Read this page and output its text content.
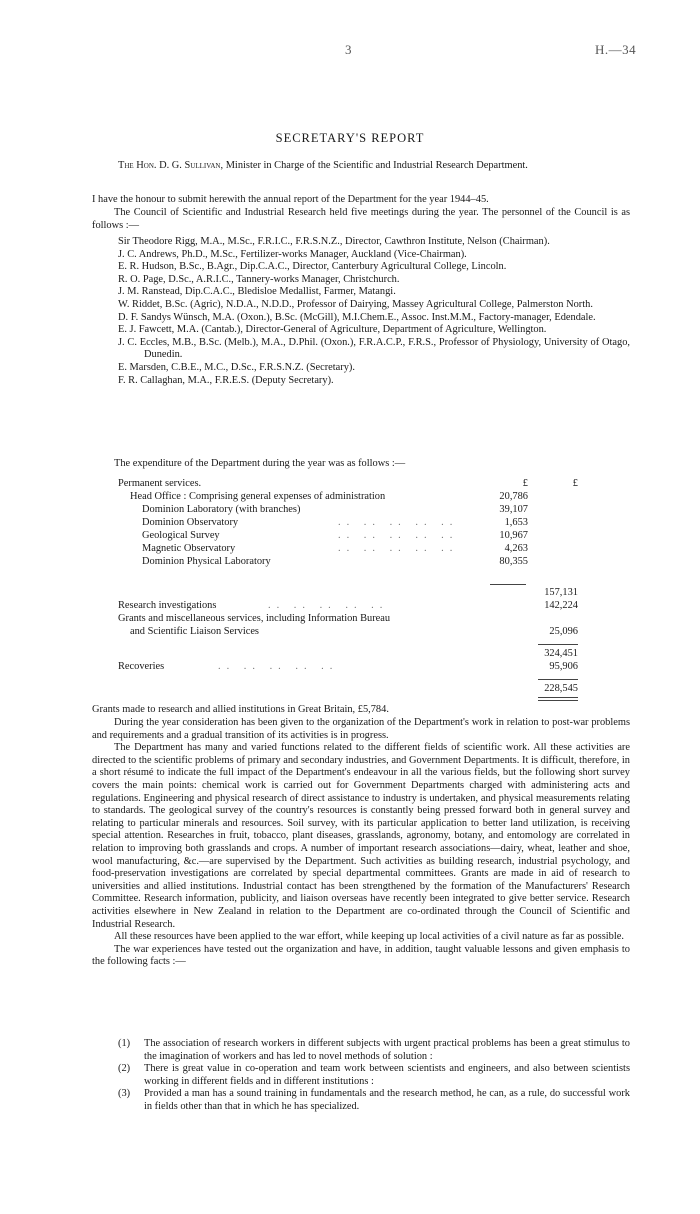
3	H.—34
SECRETARY'S REPORT
The Hon. D. G. Sullivan, Minister in Charge of the Scientific and Industrial Research Department.
I have the honour to submit herewith the annual report of the Department for the year 1944–45.
The Council of Scientific and Industrial Research held five meetings during the year. The personnel of the Council is as follows :—
Sir Theodore Rigg, M.A., M.Sc., F.R.I.C., F.R.S.N.Z., Director, Cawthron Institute, Nelson (Chairman).
J. C. Andrews, Ph.D., M.Sc., Fertilizer-works Manager, Auckland (Vice-Chairman).
E. R. Hudson, B.Sc., B.Agr., Dip.C.A.C., Director, Canterbury Agricultural College, Lincoln.
R. O. Page, D.Sc., A.R.I.C., Tannery-works Manager, Christchurch.
J. M. Ranstead, Dip.C.A.C., Bledisloe Medallist, Farmer, Matangi.
W. Riddet, B.Sc. (Agric), N.D.A., N.D.D., Professor of Dairying, Massey Agricultural College, Palmerston North.
D. F. Sandys Wünsch, M.A. (Oxon.), B.Sc. (McGill), M.I.Chem.E., Assoc. Inst.M.M., Factory-manager, Edendale.
E. J. Fawcett, M.A. (Cantab.), Director-General of Agriculture, Department of Agriculture, Wellington.
J. C. Eccles, M.B., B.Sc. (Melb.), M.A., D.Phil. (Oxon.), F.R.A.C.P., F.R.S., Professor of Physiology, University of Otago, Dunedin.
E. Marsden, C.B.E., M.C., D.Sc., F.R.S.N.Z. (Secretary).
F. R. Callaghan, M.A., F.R.E.S. (Deputy Secretary).
The expenditure of the Department during the year was as follows :—
Permanent services.	£	£
Head Office : Comprising general expenses of administration	20,786
Dominion Laboratory (with branches)	39,107
Dominion Observatory	.. .. .. .. ..	1,653
Geological Survey	.. .. .. .. ..	10,967
Magnetic Observatory	.. .. .. .. ..	4,263
Dominion Physical Laboratory	80,355
157,131
Research investigations	.. .. .. .. ..	142,224
Grants and miscellaneous services, including Information Bureau
and Scientific Liaison Services	25,096
324,451
Recoveries	.. .. .. .. ..	95,906
228,545
Grants made to research and allied institutions in Great Britain, £5,784.

During the year consideration has been given to the organization of the Department's work in relation to post-war problems and requirements and a gradual transition of its activities is in progress.

The Department has many and varied functions related to the different fields of scientific work. All these activities are directed to the scientific problems of primary and secondary industries, and Government Departments. It is difficult, therefore, in a short résumé to indicate the full impact of the Department's endeavour in all the various fields, but the following short survey covers the main points: chemical work is carried out for Government Departments charged with administering acts and regulations. Engineering and physical research of direct assistance to industry is undertaken, and physical measurements relating to standards. The geological survey of the country's resources is constantly being pressed forward both in general survey and relating to particular minerals and resources. Soil survey, with its particular application to better land utilization, is receiving special attention. Researches in fruit, tobacco, plant diseases, grasslands, agronomy, botany, and entomology are correlated in relation to improving both grasslands and crops. A number of important research associations—dairy, wheat, leather and shoe, wool manufacturing, &c.—are supervised by the Department. Such activities as building research, industrial psychology, and food-preservation investigations are correlated by special departmental committees. Grants are made in aid of research to universities and allied institutions. Industrial contact has been strengthened by the formation of the Manufacturers' Research Committee. Research information, publicity, and liaison overseas have recently been integrated to give better service. Research activities elsewhere in New Zealand in relation to the Department are co-ordinated through the Council of Scientific and Industrial Research.

All these resources have been applied to the war effort, while keeping up local activities of a civil nature as far as possible.

The war experiences have tested out the organization and have, in addition, taught valuable lessons and given emphasis to the following facts :—

(1) The association of research workers in different subjects with urgent practical problems has been a great stimulus to the imagination of workers and has led to novel methods of solution :

(2) There is great value in co-operation and team work between scientists and engineers, and also between scientists working in different fields and in different institutions :

(3) Provided a man has a sound training in fundamentals and the research method, he can, as a rule, do successful work in fields other than that in which he has specialized.
